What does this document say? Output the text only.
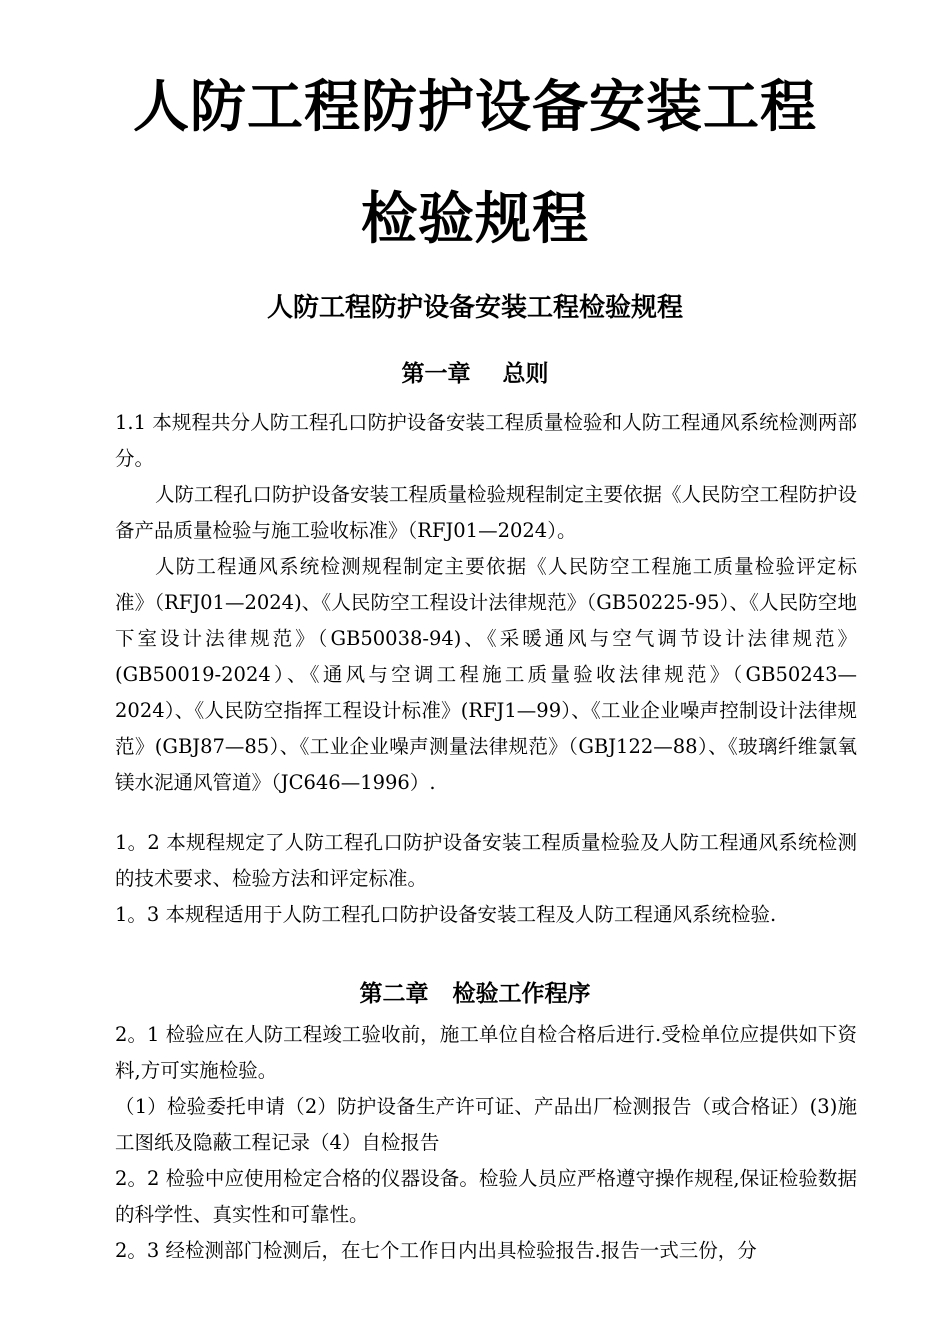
人防工程防护设备安装工程
检验规程
人防工程防护设备安装工程检验规程
第一章    总则

1.1 本规程共分人防工程孔口防护设备安装工程质量检验和人防工程通风系统检测两部分。

人防工程孔口防护设备安装工程质量检验规程制定主要依据《人民防空工程防护设备产品质量检验与施工验收标准》（RFJ01—2024）。

人防工程通风系统检测规程制定主要依据《人民防空工程施工质量检验评定标准》（RFJ01—2024)、《人民防空工程设计法律规范》（GB50225-95）、《人民防空地下室设计法律规范》（GB50038-94)、《采暖通风与空气调节设计法律规范》 (GB50019-2024）、《通风与空调工程施工质量验收法律规范》（GB50243—2024）、《人民防空指挥工程设计标准》(RFJ1—99）、《工业企业噪声控制设计法律规范》(GBJ87—85）、《工业企业噪声测量法律规范》（GBJ122—88）、《玻璃纤维氯氧镁水泥通风管道》（JC646—1996）.

1。2 本规程规定了人防工程孔口防护设备安装工程质量检验及人防工程通风系统检测的技术要求、检验方法和评定标准。

1。3 本规程适用于人防工程孔口防护设备安装工程及人防工程通风系统检验.

第二章   检验工作程序

2。1 检验应在人防工程竣工验收前，施工单位自检合格后进行.受检单位应提供如下资料,方可实施检验。

（1）检验委托申请（2）防护设备生产许可证、产品出厂检测报告（或合格证）(3)施工图纸及隐蔽工程记录（4）自检报告

2。2 检验中应使用检定合格的仪器设备。检验人员应严格遵守操作规程,保证检验数据的科学性、真实性和可靠性。

2。3 经检测部门检测后，在七个工作日内出具检验报告.报告一式三份，分
